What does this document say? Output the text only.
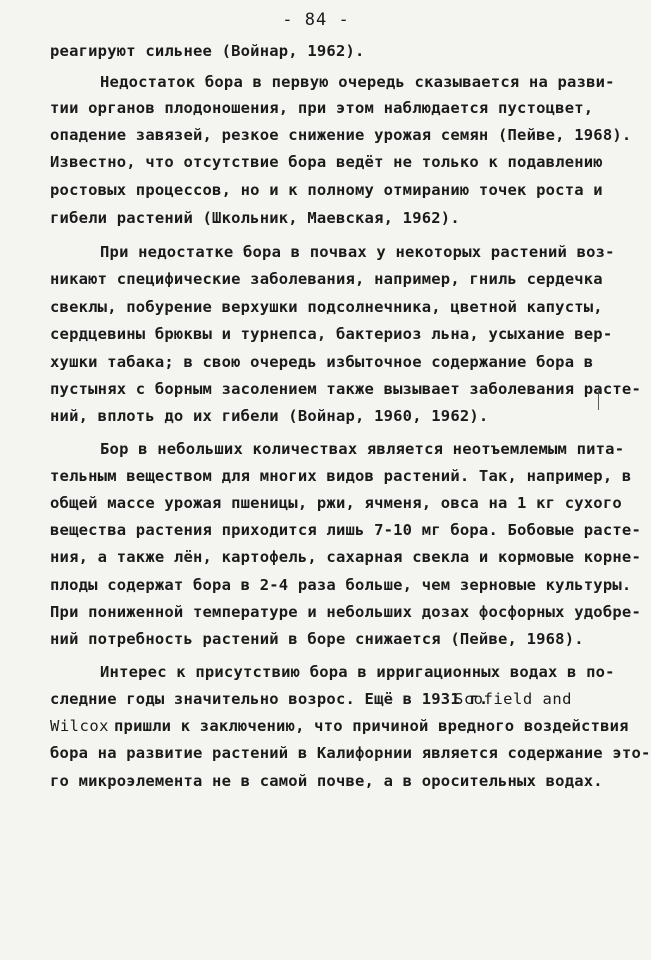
- 84 -
реагируют сильнее (Войнар, 1962).
Недостаток бора в первую очередь сказывается на разви-
тии органов плодоношения, при этом наблюдается пустоцвет,
опадение завязей, резкое снижение урожая семян (Пейве, 1968).
Известно, что отсутствие бора ведёт не только к подавлению
ростовых процессов, но и к полному отмиранию точек роста и
гибели растений (Школьник, Маевская, 1962).
При недостатке бора в почвах у некоторых растений воз-
никают специфические заболевания, например, гниль сердечка
свеклы, побурение верхушки подсолнечника, цветной капусты,
сердцевины брюквы и турнепса, бактериоз льна, усыхание вер-
хушки табака; в свою очередь избыточное содержание бора в
пустынях с борным засолением также вызывает заболевания расте-
ний, вплоть до их гибели (Войнар, 1960, 1962).
Бор в небольших количествах является неотъемлемым пита-
тельным веществом для многих видов растений. Так, например, в
общей массе урожая пшеницы, ржи, ячменя, овса на 1 кг сухого
вещества растения приходится лишь 7-10 мг бора. Бобовые расте-
ния, а также лён, картофель, сахарная свекла и кормовые корне-
плоды содержат бора в 2-4 раза больше, чем зерновые культуры.
При пониженной температуре и небольших дозах фосфорных удобре-
ний потребность растений в боре снижается (Пейве, 1968).
Интерес к присутствию бора в ирригационных водах в по-
следние годы значительно возрос. Ещё в 1931 г.
Scofield and
Wilcox пришли к заключению, что причиной вредного воздействия
бора на развитие растений в Калифорнии является содержание это-
го микроэлемента не в самой почве, а в оросительных водах.
